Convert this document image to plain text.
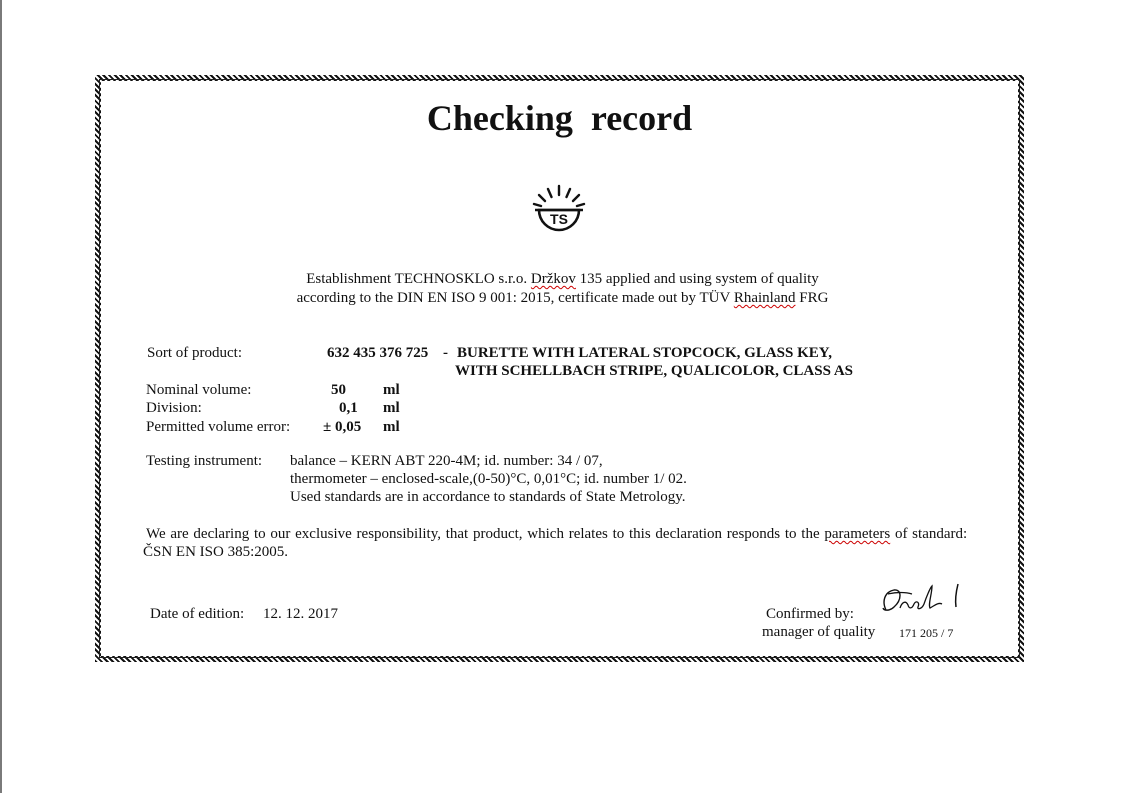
Checking  record
TS
Establishment TECHNOSKLO s.r.o. Držkov 135 applied and using system of quality
according to the DIN EN ISO 9 001: 2015, certificate made out by TÜV Rhainland FRG
Sort of product:	632 435 376 725 - BURETTE WITH LATERAL STOPCOCK, GLASS KEY,
WITH SCHELLBACH STRIPE, QUALICOLOR, CLASS AS
Nominal volume:	50 ml
Division:	0,1 ml
Permitted volume error: ± 0,05 ml
Testing instrument: balance – KERN ABT 220-4M; id. number: 34 / 07,
thermometer – enclosed-scale,(0-50)°C, 0,01°C; id. number 1/ 02.
Used standards are in accordance to standards of State Metrology.
We are declaring to our exclusive responsibility, that product, which relates to this declaration responds to the parameters of standard:
ČSN EN ISO 385:2005.
Date of edition: 12. 12. 2017	Confirmed by:
manager of quality 171 205 / 7
